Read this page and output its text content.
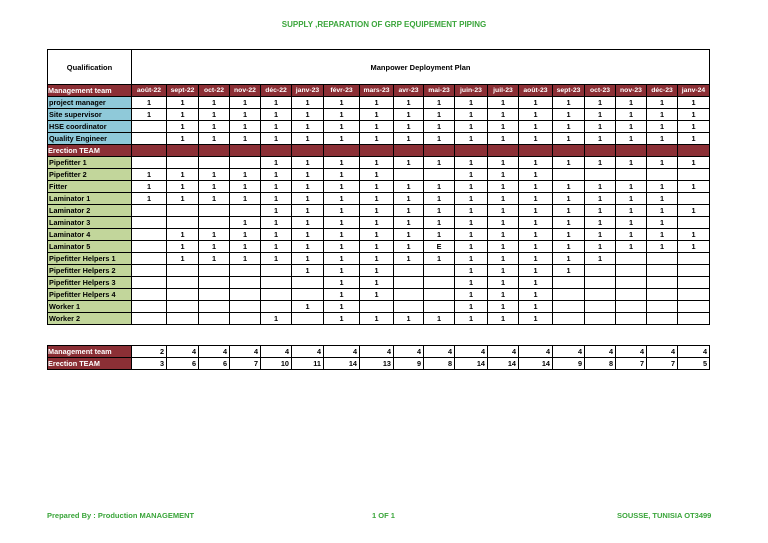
SUPPLY ,REPARATION OF GRP EQUIPEMENT PIPING
Qualification	Manpower Deployment Plan																	
Management team	août-22	sept-22	oct-22	nov-22	déc-22	janv-23	févr-23	mars-23	avr-23	mai-23	juin-23	juil-23	août-23	sept-23	oct-23	nov-23	déc-23	janv-24
project manager	1	1	1	1	1	1	1	1	1	1	1	1	1	1	1	1	1	1
Site supervisor	1	1	1	1	1	1	1	1	1	1	1	1	1	1	1	1	1	1
HSE coordinator		1	1	1	1	1	1	1	1	1	1	1	1	1	1	1	1	1
Quality Engineer		1	1	1	1	1	1	1	1	1	1	1	1	1	1	1	1	1
Erection TEAM																		
Pipefitter 1					1	1	1	1	1	1	1	1	1	1	1	1	1	1
Pipefitter 2	1	1	1	1	1	1	1	1			1	1	1					
Fitter	1	1	1	1	1	1	1	1	1	1	1	1	1	1	1	1	1	1
Laminator 1	1	1	1	1	1	1	1	1	1	1	1	1	1	1	1	1	1	
Laminator 2					1	1	1	1	1	1	1	1	1	1	1	1	1	1
Laminator 3				1	1	1	1	1	1	1	1	1	1	1	1	1	1	
Laminator 4		1	1	1	1	1	1	1	1	1	1	1	1	1	1	1	1	1
Laminator 5		1	1	1	1	1	1	1	1	E	1	1	1	1	1	1	1	1
Pipefitter Helpers 1		1	1	1	1	1	1	1	1	1	1	1	1	1	1			
Pipefitter Helpers 2						1	1	1			1	1	1	1				
Pipefitter Helpers 3							1	1			1	1	1					
Pipefitter Helpers 4							1	1			1	1	1					
Worker 1						1	1				1	1	1					
Worker 2					1		1	1	1	1	1	1	1					
Management team	2	4	4	4	4	4	4	4	4	4	4	4	4	4	4	4	4	4
Erection TEAM	3	6	6	7	10	11	14	13	9	8	14	14	14	9	8	7	7	5
Prepared By : Production MANAGEMENT	1 OF 1	SOUSSE, TUNISIA OT3499
